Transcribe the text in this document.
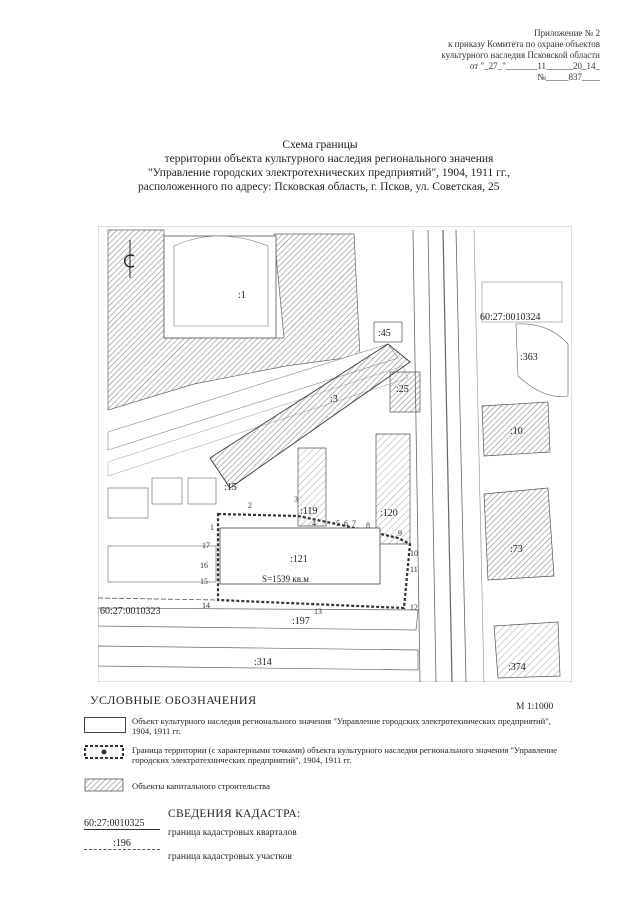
Приложение № 2
к приказу Комитета по охране объектов
культурного наследия Псковской области
от "_27_"_______11______20_14_
№_____837____
Схема границы
территории объекта культурного наследия регионального значения
"Управление городских электротехнических предприятий", 1904, 1911 гг.,
расположенного по адресу: Псковская область, г. Псков, ул. Советская, 25
:1
:45
:25
:3
:10
:363
:15
:119	:120
:121
:73
:197
:314	:374
S=1539 кв.м
60:27:0010324
60:27:0010323
1
2
3
4	5 6 7 8
9
10
11
12
13
14
15
16
17
УСЛОВНЫЕ ОБОЗНАЧЕНИЯ	М 1:1000
Объект культурного наследия регионального значения "Управление городских электротехнических предприятий", 1904, 1911 гг.
Граница территории (с характерными точками) объекта культурного наследия регионального значения "Управление городских электротехнических предприятий", 1904, 1911 гг.
Объекты капитального строительства
СВЕДЕНИЯ КАДАСТРА:
60:27:0010325
граница кадастровых кварталов
:196
граница кадастровых участков
